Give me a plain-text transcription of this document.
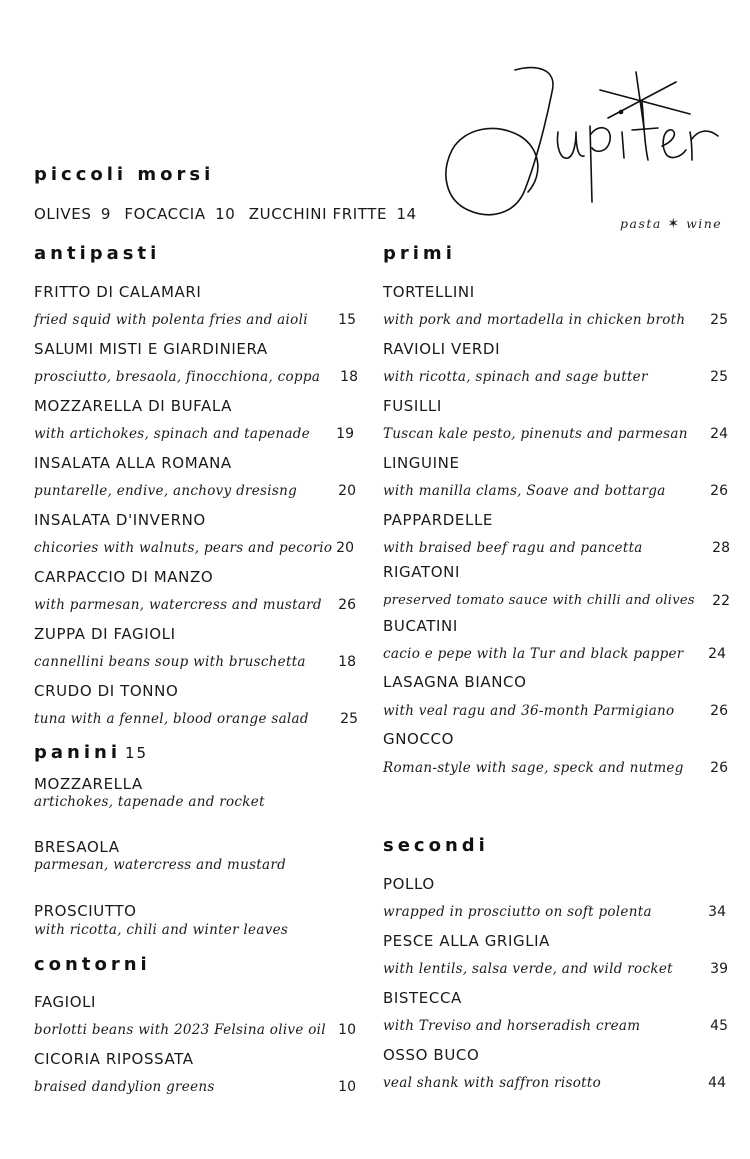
pasta ✶ wine
piccoli morsi
OLIVES 9 FOCACCIA 10 ZUCCHINI FRITTE 14
antipasti
FRITTO DI CALAMARI
fried squid with polenta fries and aioli	15
SALUMI MISTI E GIARDINIERA
prosciutto, bresaola, finocchiona, coppa	18
MOZZARELLA DI BUFALA
with artichokes, spinach and tapenade	19
INSALATA ALLA ROMANA
puntarelle, endive, anchovy dresisng	20
INSALATA D'INVERNO
chicories with walnuts, pears and pecorio 20
CARPACCIO DI MANZO
with parmesan, watercress and mustard	26
ZUPPA DI FAGIOLI
cannellini beans soup with bruschetta	18
CRUDO DI TONNO
tuna with a fennel, blood orange salad	25
panini 15
MOZZARELLA
artichokes, tapenade and rocket
BRESAOLA
parmesan, watercress and mustard
PROSCIUTTO
with ricotta, chili and winter leaves
contorni
FAGIOLI
borlotti beans with 2023 Felsina olive oil 10
CICORIA RIPOSSATA
braised dandylion greens	10
primi
TORTELLINI
with pork and mortadella in chicken broth	25
RAVIOLI VERDI
with ricotta, spinach and sage butter	25
FUSILLI
Tuscan kale pesto, pinenuts and parmesan	24
LINGUINE
with manilla clams, Soave and bottarga	26
PAPPARDELLE
with braised beef ragu and pancetta	28
RIGATONI
preserved tomato sauce with chilli and olives	22
BUCATINI
cacio e pepe with la Tur and black papper	24
LASAGNA BIANCO
with veal ragu and 36-month Parmigiano	26
GNOCCO
Roman-style with sage, speck and nutmeg	26
secondi
POLLO
wrapped in prosciutto on soft polenta	34
PESCE ALLA GRIGLIA
with lentils, salsa verde, and wild rocket	39
BISTECCA
with Treviso and horseradish cream	45
OSSO BUCO
veal shank with saffron risotto	44
